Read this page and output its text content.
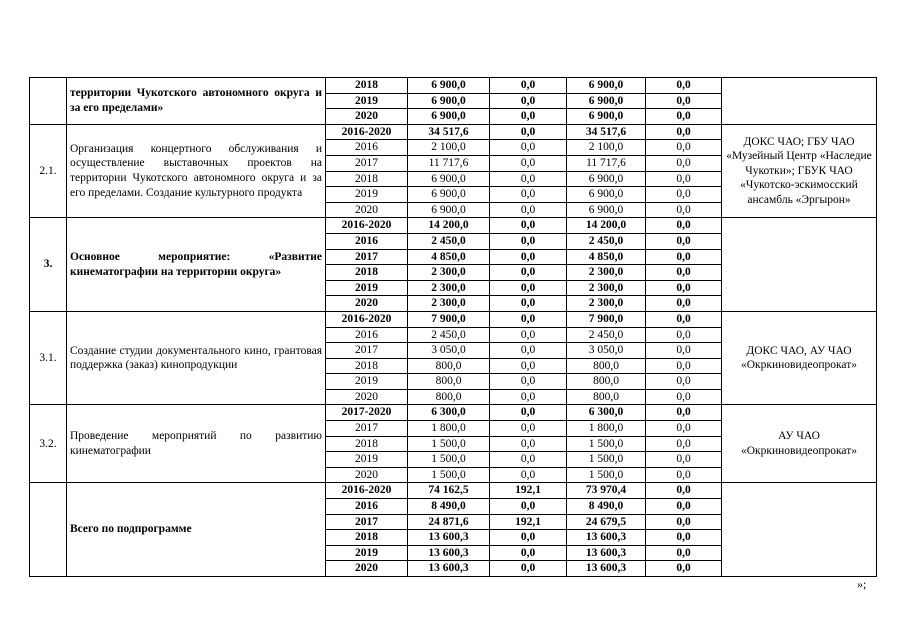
	территории Чукотского автономного округа и за его пределами»	2018	6 900,0	0,0	6 900,0	0,0	
		2019	6 900,0	0,0	6 900,0	0,0	
		2020	6 900,0	0,0	6 900,0	0,0	
2.1.	Организация концертного обслуживания и осуществление выставочных проектов на территории Чукотского автономного округа и за его пределами. Создание культурного продукта	2016-2020	34 517,6	0,0	34 517,6	0,0	ДОКС ЧАО; ГБУ ЧАО «Музейный Центр «Наследие Чукотки»; ГБУК ЧАО «Чукотско-эскимосский ансамбль «Эргырон»
		2016	2 100,0	0,0	2 100,0	0,0	
		2017	11 717,6	0,0	11 717,6	0,0	
		2018	6 900,0	0,0	6 900,0	0,0	
		2019	6 900,0	0,0	6 900,0	0,0	
		2020	6 900,0	0,0	6 900,0	0,0	
3.	Основное мероприятие: «Развитие кинематографии на территории округа»	2016-2020	14 200,0	0,0	14 200,0	0,0	
		2016	2 450,0	0,0	2 450,0	0,0	
		2017	4 850,0	0,0	4 850,0	0,0	
		2018	2 300,0	0,0	2 300,0	0,0	
		2019	2 300,0	0,0	2 300,0	0,0	
		2020	2 300,0	0,0	2 300,0	0,0	
3.1.	Создание студии документального кино, грантовая поддержка (заказ) кинопродукции	2016-2020	7 900,0	0,0	7 900,0	0,0	ДОКС ЧАО, АУ ЧАО «Окркиновидеопрокат»
		2016	2 450,0	0,0	2 450,0	0,0	
		2017	3 050,0	0,0	3 050,0	0,0	
		2018	800,0	0,0	800,0	0,0	
		2019	800,0	0,0	800,0	0,0	
		2020	800,0	0,0	800,0	0,0	
3.2.	Проведение мероприятий по развитию кинематографии	2017-2020	6 300,0	0,0	6 300,0	0,0	АУ ЧАО «Окркиновидеопрокат»
		2017	1 800,0	0,0	1 800,0	0,0	
		2018	1 500,0	0,0	1 500,0	0,0	
		2019	1 500,0	0,0	1 500,0	0,0	
		2020	1 500,0	0,0	1 500,0	0,0	
	Всего по подпрограмме	2016-2020	74 162,5	192,1	73 970,4	0,0	
		2016	8 490,0	0,0	8 490,0	0,0	
		2017	24 871,6	192,1	24 679,5	0,0	
		2018	13 600,3	0,0	13 600,3	0,0	
		2019	13 600,3	0,0	13 600,3	0,0	
		2020	13 600,3	0,0	13 600,3	0,0	
»;
